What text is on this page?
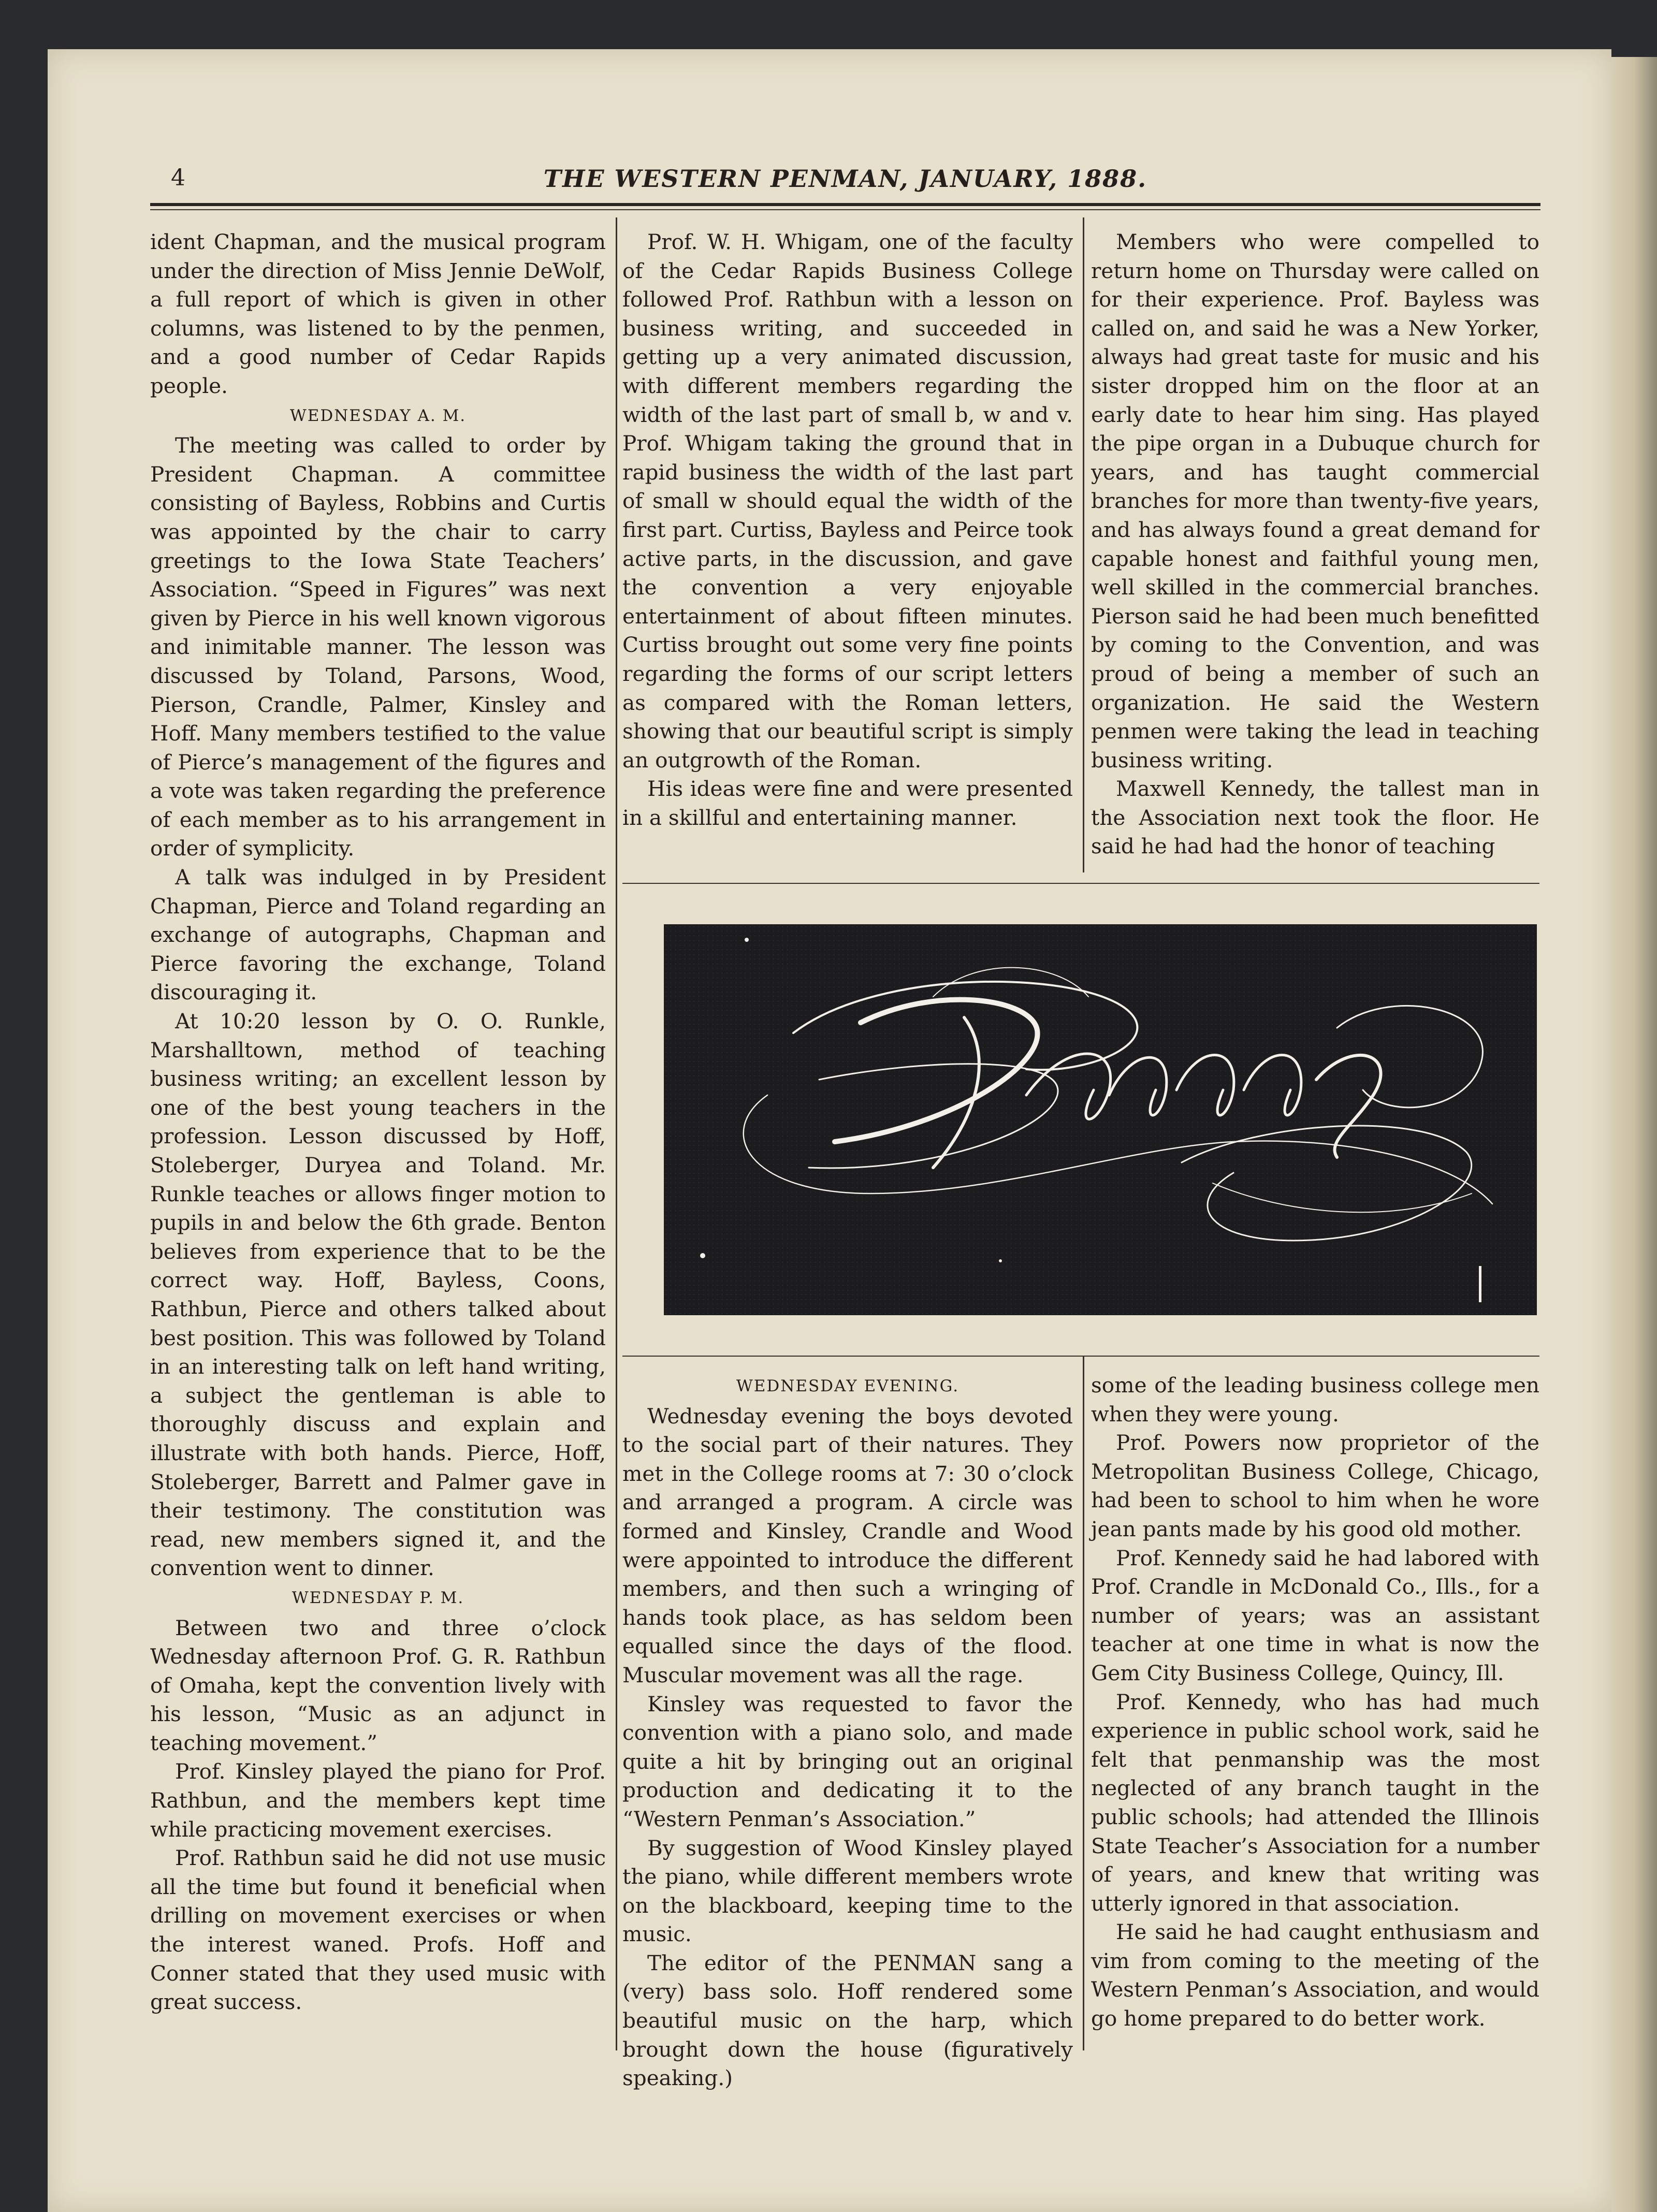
4	THE WESTERN PENMAN, JANUARY, 1888.

ident Chapman, and the musical program under the direction of Miss Jennie DeWolf, a full report of which is given in other columns, was listened to by the penmen, and a good number of Cedar Rapids people.

WEDNESDAY A. M.

The meeting was called to order by President Chapman. A committee consisting of Bayless, Robbins and Curtis was appointed by the chair to carry greetings to the Iowa State Teachers’ Association. “Speed in Figures” was next given by Pierce in his well known vigorous and inimitable manner. The lesson was discussed by Toland, Parsons, Wood, Pierson, Crandle, Palmer, Kinsley and Hoff. Many members testified to the value of Pierce’s management of the figures and a vote was taken regarding the preference of each member as to his arrangement in order of symplicity.

A talk was indulged in by President Chapman, Pierce and Toland regarding an exchange of autographs, Chapman and Pierce favoring the exchange, Toland discouraging it.

At 10:20 lesson by O. O. Runkle, Marshalltown, method of teaching business writing; an excellent lesson by one of the best young teachers in the profession. Lesson discussed by Hoff, Stoleberger, Duryea and Toland. Mr. Runkle teaches or allows finger motion to pupils in and below the 6th grade. Benton believes from experience that to be the correct way. Hoff, Bayless, Coons, Rathbun, Pierce and others talked about best position. This was followed by Toland in an interesting talk on left hand writing, a subject the gentleman is able to thoroughly discuss and explain and illustrate with both hands. Pierce, Hoff, Stoleberger, Barrett and Palmer gave in their testimony. The constitution was read, new members signed it, and the convention went to dinner.

WEDNESDAY P. M.

Between two and three o’clock Wednesday afternoon Prof. G. R. Rathbun of Omaha, kept the convention lively with his lesson, “Music as an adjunct in teaching movement.”

Prof. Kinsley played the piano for Prof. Rathbun, and the members kept time while practicing movement exercises.

Prof. Rathbun said he did not use music all the time but found it beneficial when drilling on movement exercises or when the interest waned. Profs. Hoff and Conner stated that they used music with great success.

Prof. W. H. Whigam, one of the faculty of the Cedar Rapids Business College followed Prof. Rathbun with a lesson on business writing, and succeeded in getting up a very animated discussion, with different members regarding the width of the last part of small b, w and v. Prof. Whigam taking the ground that in rapid business the width of the last part of small w should equal the width of the first part. Curtiss, Bayless and Peirce took active parts, in the discussion, and gave the convention a very enjoyable entertainment of about fifteen minutes. Curtiss brought out some very fine points regarding the forms of our script letters as compared with the Roman letters, showing that our beautiful script is simply an outgrowth of the Roman.

His ideas were fine and were presented in a skillful and entertaining manner.

Members who were compelled to return home on Thursday were called on for their experience. Prof. Bayless was called on, and said he was a New Yorker, always had great taste for music and his sister dropped him on the floor at an early date to hear him sing. Has played the pipe organ in a Dubuque church for years, and has taught commercial branches for more than twenty-five years, and has always found a great demand for capable honest and faithful young men, well skilled in the commercial branches. Pierson said he had been much benefitted by coming to the Convention, and was proud of being a member of such an organization. He said the Western penmen were taking the lead in teaching business writing.

Maxwell Kennedy, the tallest man in the Association next took the floor. He said he had had the honor of teaching

WEDNESDAY EVENING.

Wednesday evening the boys devoted to the social part of their natures. They met in the College rooms at 7: 30 o’clock and arranged a program. A circle was formed and Kinsley, Crandle and Wood were appointed to introduce the different members, and then such a wringing of hands took place, as has seldom been equalled since the days of the flood. Muscular movement was all the rage.

Kinsley was requested to favor the convention with a piano solo, and made quite a hit by bringing out an original production and dedicating it to the “Western Penman’s Association.”

By suggestion of Wood Kinsley played the piano, while different members wrote on the blackboard, keeping time to the music.

The editor of the PENMAN sang a (very) bass solo. Hoff rendered some beautiful music on the harp, which brought down the house (figuratively speaking.)

some of the leading business college men when they were young.

Prof. Powers now proprietor of the Metropolitan Business College, Chicago, had been to school to him when he wore jean pants made by his good old mother.

Prof. Kennedy said he had labored with Prof. Crandle in McDonald Co., Ills., for a number of years; was an assistant teacher at one time in what is now the Gem City Business College, Quincy, Ill.

Prof. Kennedy, who has had much experience in public school work, said he felt that penmanship was the most neglected of any branch taught in the public schools; had attended the Illinois State Teacher’s Association for a number of years, and knew that writing was utterly ignored in that association.

He said he had caught enthusiasm and vim from coming to the meeting of the Western Penman’s Association, and would go home prepared to do better work.
